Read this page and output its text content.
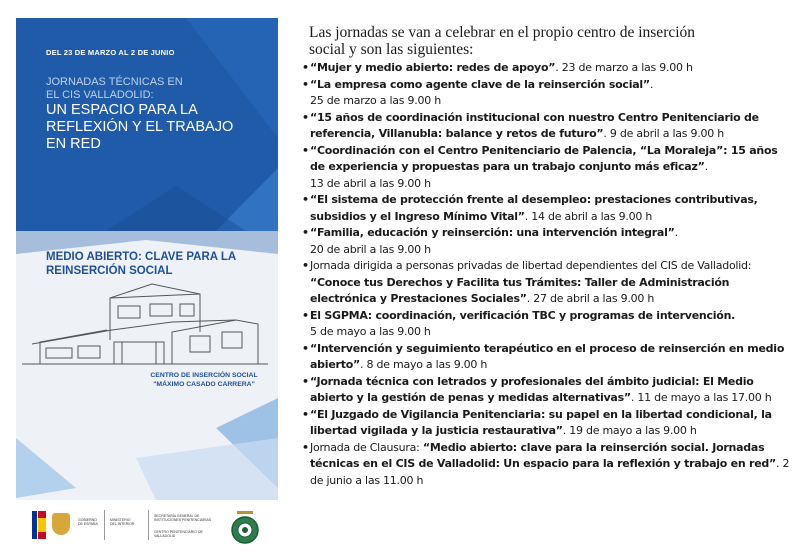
DEL 23 DE MARZO AL 2 DE JUNIO
JORNADAS TÉCNICAS EN
EL CIS VALLADOLID:
UN ESPACIO PARA LA REFLEXIÓN Y EL TRABAJO EN RED
MEDIO ABIERTO: CLAVE PARA LA REINSERCIÓN SOCIAL
CENTRO DE INSERCIÓN SOCIAL
"MÁXIMO CASADO CARRERA"
GOBIERNO
DE ESPAÑA
MINISTERIO
DEL INTERIOR
SECRETARÍA GENERAL DE INSTITUCIONES PENITENCIARIAS
CENTRO PENITENCIARIO DE VALLADOLID
Las jornadas se van a celebrar en el propio centro de inserción
social y son las siguientes:
• “Mujer y medio abierto: redes de apoyo”. 23 de marzo a las 9.00 h
• “La empresa como agente clave de la reinserción social”.
25 de marzo a las 9.00 h
• “15 años de coordinación institucional con nuestro Centro Penitenciario de referencia, Villanubla: balance y retos de futuro”. 9 de abril a las 9.00 h
• “Coordinación con el Centro Penitenciario de Palencia, “La Moraleja”: 15 años de experiencia y propuestas para un trabajo conjunto más eficaz”.
13 de abril a las 9.00 h
• “El sistema de protección frente al desempleo: prestaciones contributivas, subsidios y el Ingreso Mínimo Vital”. 14 de abril a las 9.00 h
• “Familia, educación y reinserción: una intervención integral”.
20 de abril a las 9.00 h
• Jornada dirigida a personas privadas de libertad dependientes del CIS de Valladolid: “Conoce tus Derechos y Facilita tus Trámites: Taller de Administración electrónica y Prestaciones Sociales”. 27 de abril a las 9.00 h
• El SGPMA: coordinación, verificación TBC y programas de intervención.
5 de mayo a las 9.00 h
• “Intervención y seguimiento terapéutico en el proceso de reinserción en medio abierto”. 8 de mayo a las 9.00 h
• “Jornada técnica con letrados y profesionales del ámbito judicial: El Medio abierto y la gestión de penas y medidas alternativas”. 11 de mayo a las 17.00 h
• “El Juzgado de Vigilancia Penitenciaria: su papel en la libertad condicional, la libertad vigilada y la justicia restaurativa”. 19 de mayo a las 9.00 h
• Jornada de Clausura: “Medio abierto: clave para la reinserción social. Jornadas técnicas en el CIS de Valladolid: Un espacio para la reflexión y trabajo en red”. 2 de junio a las 11.00 h
